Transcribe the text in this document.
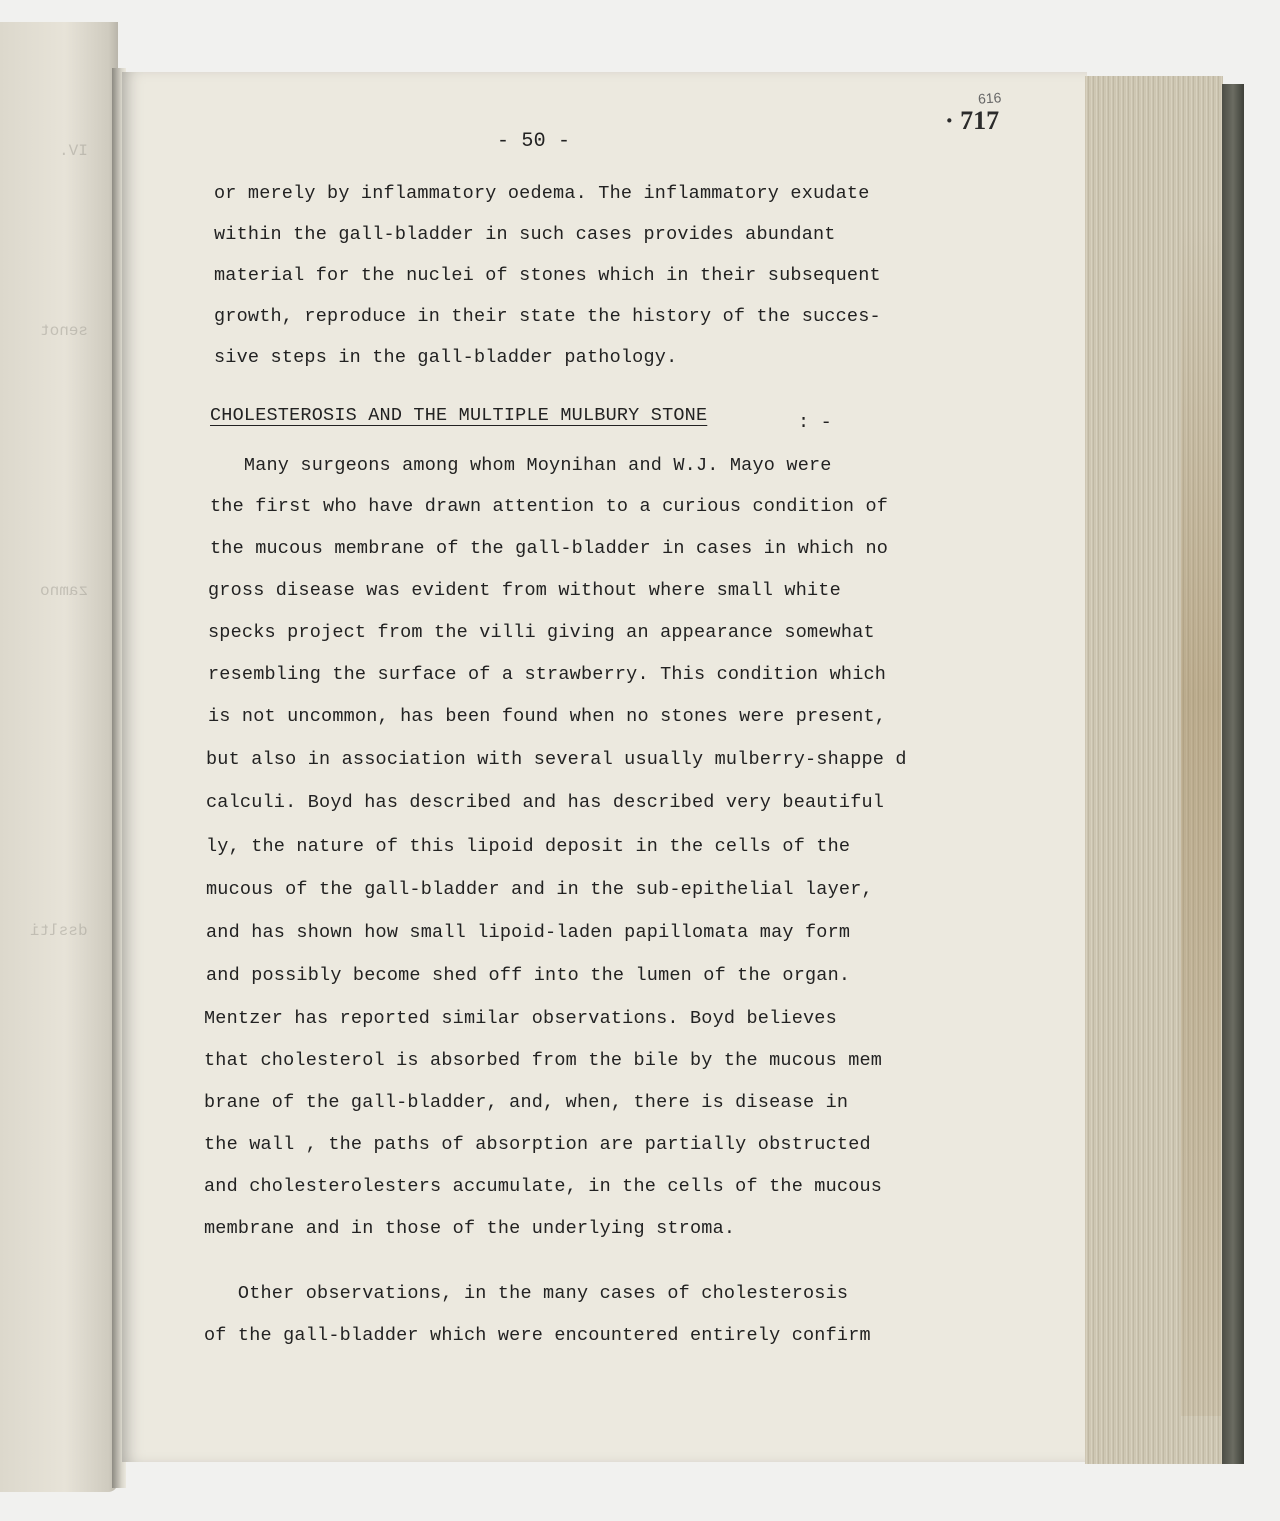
IV.
senot
zamno
dsslti
- 50 -
616
· 717
or merely by inflammatory oedema. The inflammatory exudate
within the gall-bladder in such cases provides abundant
material for the nuclei of stones which in their subsequent
growth, reproduce in their state the history of the succes-
sive steps in the gall-bladder pathology.
CHOLESTEROSIS AND THE MULTIPLE MULBURY STONE	: -
Many surgeons among whom Moynihan and W.J. Mayo were
the first who have drawn attention to a curious condition of
the mucous membrane of the gall-bladder in cases in which no
gross disease was evident from without where small white
specks project from the villi giving an appearance somewhat
resembling the surface of a strawberry. This condition which
is not uncommon, has been found when no stones were present,
but also in association with several usually mulberry-shappe d
calculi. Boyd has described and has described very beautiful
ly, the nature of this lipoid deposit in the cells of the
mucous of the gall-bladder and in the sub-epithelial layer,
and has shown how small lipoid-laden papillomata may form
and possibly become shed off into the lumen of the organ.
Mentzer has reported similar observations. Boyd believes
that cholesterol is absorbed from the bile by the mucous mem
brane of the gall-bladder, and, when, there is disease in
the wall , the paths of absorption are partially obstructed
and cholesterolesters accumulate, in the cells of the mucous
membrane and in those of the underlying stroma.
Other observations, in the many cases of cholesterosis
of the gall-bladder which were encountered entirely confirm
